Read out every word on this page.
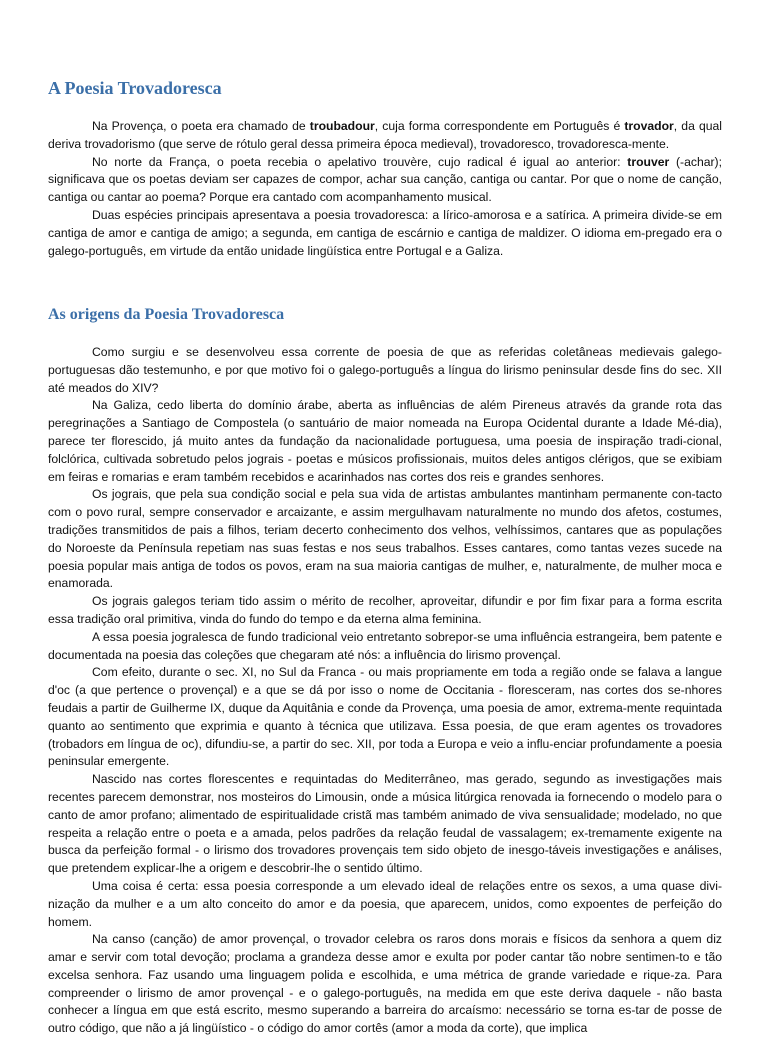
A Poesia Trovadoresca

Na Provença, o poeta era chamado de troubadour, cuja forma correspondente em Português é trovador, da qual deriva trovadorismo (que serve de rótulo geral dessa primeira época medieval), trovadoresco, trovadoresca-mente.

No norte da França, o poeta recebia o apelativo trouvère, cujo radical é igual ao anterior: trouver (-achar); significava que os poetas deviam ser capazes de compor, achar sua canção, cantiga ou cantar. Por que o nome de canção, cantiga ou cantar ao poema? Porque era cantado com acompanhamento musical.

Duas espécies principais apresentava a poesia trovadoresca: a lírico-amorosa e a satírica. A primeira divide-se em cantiga de amor e cantiga de amigo; a segunda, em cantiga de escárnio e cantiga de maldizer. O idioma em-pregado era o galego-português, em virtude da então unidade lingüística entre Portugal e a Galiza.

As origens da Poesia Trovadoresca

Como surgiu e se desenvolveu essa corrente de poesia de que as referidas coletâneas medievais galego-portuguesas dão testemunho, e por que motivo foi o galego-português a língua do lirismo peninsular desde fins do sec. XII até meados do XIV?

Na Galiza, cedo liberta do domínio árabe, aberta as influências de além Pireneus através da grande rota das peregrinações a Santiago de Compostela (o santuário de maior nomeada na Europa Ocidental durante a Idade Mé-dia), parece ter florescido, já muito antes da fundação da nacionalidade portuguesa, uma poesia de inspiração tradi-cional, folclórica, cultivada sobretudo pelos jograis - poetas e músicos profissionais, muitos deles antigos clérigos, que se exibiam em feiras e romarias e eram também recebidos e acarinhados nas cortes dos reis e grandes senhores.

Os jograis, que pela sua condição social e pela sua vida de artistas ambulantes mantinham permanente con-tacto com o povo rural, sempre conservador e arcaizante, e assim mergulhavam naturalmente no mundo dos afetos, costumes, tradições transmitidos de pais a filhos, teriam decerto conhecimento dos velhos, velhíssimos, cantares que as populações do Noroeste da Península repetiam nas suas festas e nos seus trabalhos. Esses cantares, como tantas vezes sucede na poesia popular mais antiga de todos os povos, eram na sua maioria cantigas de mulher, e, naturalmente, de mulher moca e enamorada.

Os jograis galegos teriam tido assim o mérito de recolher, aproveitar, difundir e por fim fixar para a forma escrita essa tradição oral primitiva, vinda do fundo do tempo e da eterna alma feminina.

A essa poesia jogralesca de fundo tradicional veio entretanto sobrepor-se uma influência estrangeira, bem patente e documentada na poesia das coleções que chegaram até nós: a influência do lirismo provençal.

Com efeito, durante o sec. XI, no Sul da Franca - ou mais propriamente em toda a região onde se falava a langue d'oc (a que pertence o provençal) e a que se dá por isso o nome de Occitania - floresceram, nas cortes dos se-nhores feudais a partir de Guilherme IX, duque da Aquitânia e conde da Provença, uma poesia de amor, extrema-mente requintada quanto ao sentimento que exprimia e quanto à técnica que utilizava. Essa poesia, de que eram agentes os trovadores (trobadors em língua de oc), difundiu-se, a partir do sec. XII, por toda a Europa e veio a influ-enciar profundamente a poesia peninsular emergente.

Nascido nas cortes florescentes e requintadas do Mediterrâneo, mas gerado, segundo as investigações mais recentes parecem demonstrar, nos mosteiros do Limousin, onde a música litúrgica renovada ia fornecendo o modelo para o canto de amor profano; alimentado de espiritualidade cristã mas também animado de viva sensualidade; modelado, no que respeita a relação entre o poeta e a amada, pelos padrões da relação feudal de vassalagem; ex-tremamente exigente na busca da perfeição formal - o lirismo dos trovadores provençais tem sido objeto de inesgo-táveis investigações e análises, que pretendem explicar-lhe a origem e descobrir-lhe o sentido último.

Uma coisa é certa: essa poesia corresponde a um elevado ideal de relações entre os sexos, a uma quase divi-nização da mulher e a um alto conceito do amor e da poesia, que aparecem, unidos, como expoentes de perfeição do homem.

Na canso (canção) de amor provençal, o trovador celebra os raros dons morais e físicos da senhora a quem diz amar e servir com total devoção; proclama a grandeza desse amor e exulta por poder cantar tão nobre sentimen-to e tão excelsa senhora. Faz usando uma linguagem polida e escolhida, e uma métrica de grande variedade e rique-za. Para compreender o lirismo de amor provençal - e o galego-português, na medida em que este deriva daquele - não basta conhecer a língua em que está escrito, mesmo superando a barreira do arcaísmo: necessário se torna es-tar de posse de outro código, que não a já lingüístico - o código do amor cortês (amor a moda da corte), que implica
